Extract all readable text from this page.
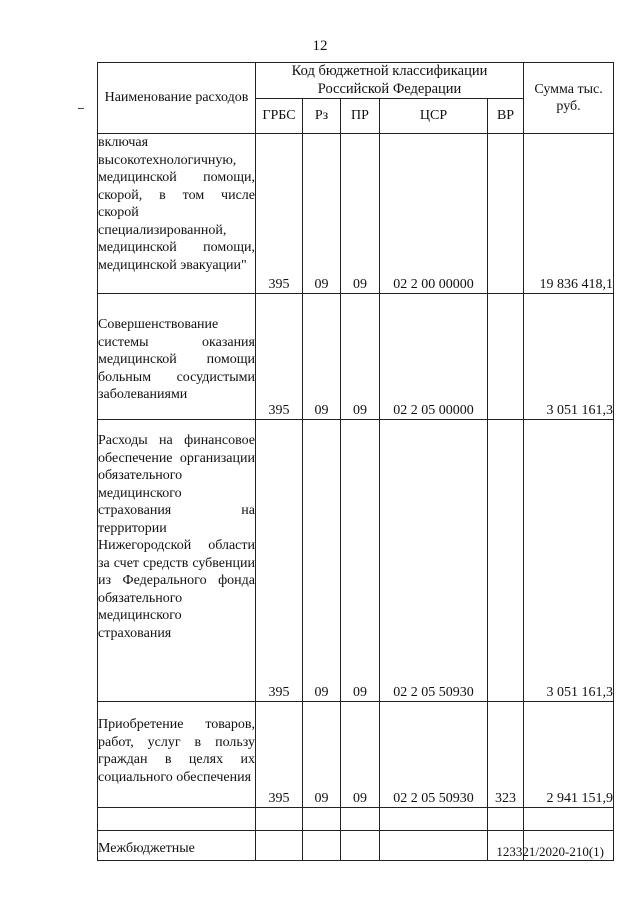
12
Наименование расходов	Код бюджетной классификации Российской Федерации					Сумма тыс. руб.
	ГРБС	Рз	ПР	ЦСР	ВР	

включая высокотехнологичную, медицинской помощи, скорой, в том числе скорой специализированной, медицинской помощи, медицинской эвакуации"	395	09	09	02 2 00 00000		19 836 418,1

Совершенствование системы оказания медицинской помощи больным сосудистыми заболеваниями	395	09	09	02 2 05 00000		3 051 161,3

Расходы на финансовое обеспечение организации обязательного медицинского страхования на территории Нижегородской области за счет средств субвенции из Федерального фонда обязательного медицинского страхования	395	09	09	02 2 05 50930		3 051 161,3

Приобретение товаров, работ, услуг в пользу граждан в целях их социального обеспечения	395	09	09	02 2 05 50930	323	2 941 151,9

Межбюджетные						
							123321/2020-210(1)
